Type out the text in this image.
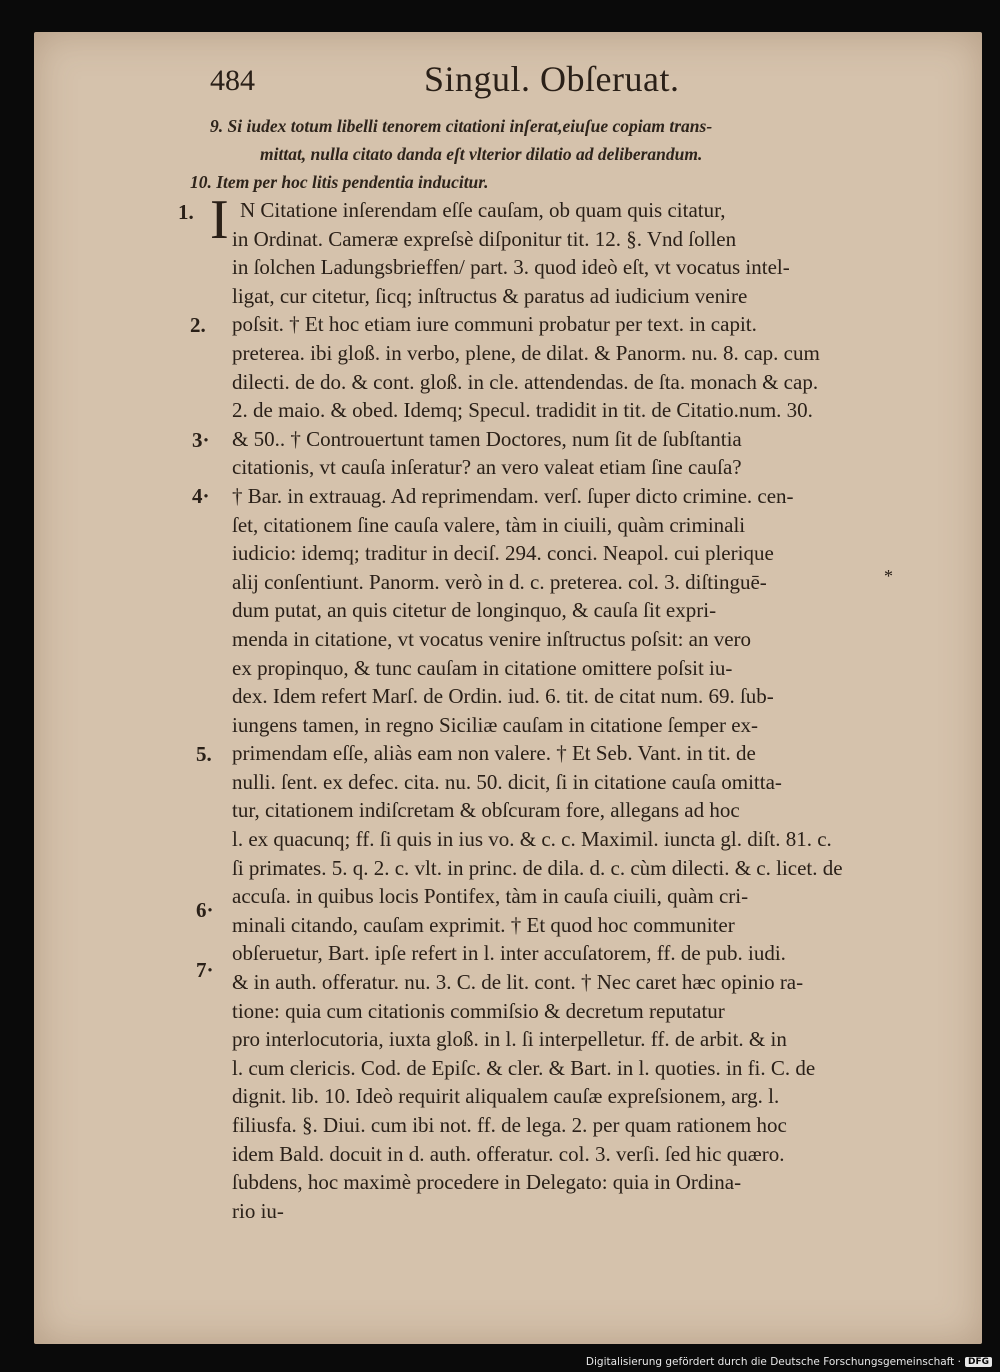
484	Singul. Obſeruat.
9. Si iudex totum libelli tenorem citationi inſerat,eiuſue copiam trans-
mittat, nulla citato danda eſt vlterior dilatio ad deliberandum.
10. Item per hoc litis pendentia inducitur.
I
1.
2.
3·
4·
5.
6·
7·
*
N Citatione inſerendam eſſe cauſam, ob quam quis citatur,
in Ordinat. Cameræ expreſsè diſponitur tit. 12. §. Vnd ſollen
in ſolchen Ladungsbrieffen/ part. 3. quod ideò eſt, vt vocatus intel-
ligat, cur citetur, ſicq; inſtructus & paratus ad iudicium venire
poſsit. † Et hoc etiam iure communi probatur per text. in capit.
preterea. ibi gloß. in verbo, plene, de dilat. & Panorm. nu. 8. cap. cum
dilecti. de do. & cont. gloß. in cle. attendendas. de ſta. monach & cap.
2. de maio. & obed. Idemq; Specul. tradidit in tit. de Citatio.num. 30.
& 50.. † Controuertunt tamen Doctores, num ſit de ſubſtantia
citationis, vt cauſa inſeratur? an vero valeat etiam ſine cauſa?
† Bar. in extrauag. Ad reprimendam. verſ. ſuper dicto crimine. cen-
ſet, citationem ſine cauſa valere, tàm in ciuili, quàm criminali
iudicio: idemq; traditur in deciſ. 294. conci. Neapol. cui plerique
alij conſentiunt. Panorm. verò in d. c. preterea. col. 3. diſtinguē-
dum putat, an quis citetur de longinquo, & cauſa ſit expri-
menda in citatione, vt vocatus venire inſtructus poſsit: an vero
ex propinquo, & tunc cauſam in citatione omittere poſsit iu-
dex. Idem refert Marſ. de Ordin. iud. 6. tit. de citat num. 69. ſub-
iungens tamen, in regno Siciliæ cauſam in citatione ſemper ex-
primendam eſſe, aliàs eam non valere. † Et Seb. Vant. in tit. de
nulli. ſent. ex defec. cita. nu. 50. dicit, ſi in citatione cauſa omitta-
tur, citationem indiſcretam & obſcuram fore, allegans ad hoc
l. ex quacunq; ff. ſi quis in ius vo. & c. c. Maximil. iuncta gl. diſt. 81. c.
ſi primates. 5. q. 2. c. vlt. in princ. de dila. d. c. cùm dilecti. & c. licet. de
accuſa. in quibus locis Pontifex, tàm in cauſa ciuili, quàm cri-
minali citando, cauſam exprimit. † Et quod hoc communiter
obſeruetur, Bart. ipſe refert in l. inter accuſatorem, ff. de pub. iudi.
& in auth. offeratur. nu. 3. C. de lit. cont. † Nec caret hæc opinio ra-
tione: quia cum citationis commiſsio & decretum reputatur
pro interlocutoria, iuxta gloß. in l. ſi interpelletur. ff. de arbit. & in
l. cum clericis. Cod. de Epiſc. & cler. & Bart. in l. quoties. in fi. C. de
dignit. lib. 10. Ideò requirit aliqualem cauſæ expreſsionem, arg. l.
filiusfa. §. Diui. cum ibi not. ff. de lega. 2. per quam rationem hoc
idem Bald. docuit in d. auth. offeratur. col. 3. verſi. ſed hic quæro.
ſubdens, hoc maximè procedere in Delegato: quia in Ordina-
rio iu-
Digitalisierung gefördert durch die Deutsche Forschungsgemeinschaft · DFG
